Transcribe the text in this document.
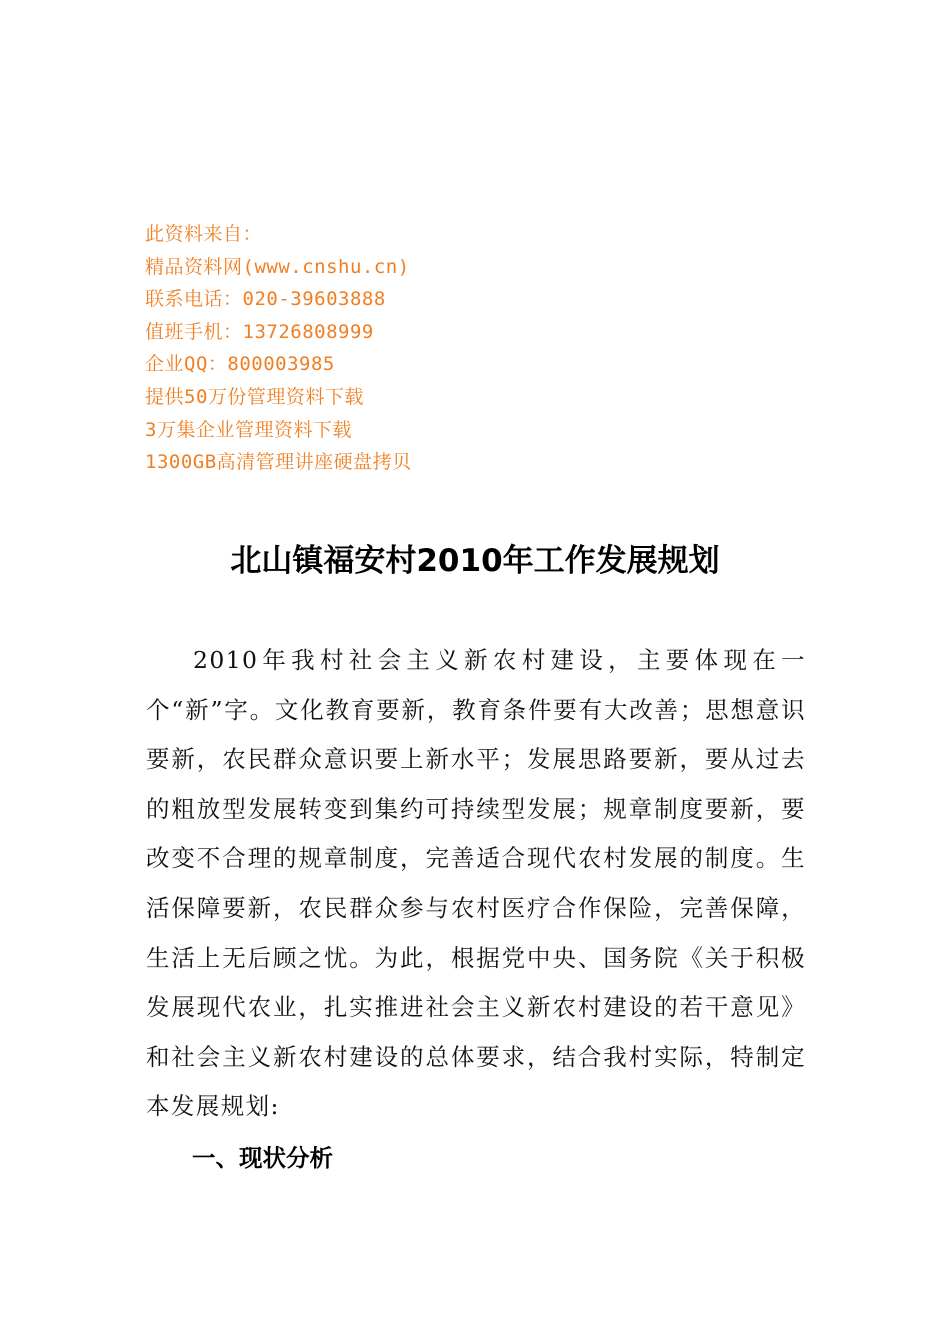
此资料来自：
精品资料网(www.cnshu.cn)
联系电话：020-39603888
值班手机：13726808999
企业QQ：800003985
提供50万份管理资料下载
3万集企业管理资料下载
1300GB高清管理讲座硬盘拷贝
北山镇福安村2010年工作发展规划

2010年我村社会主义新农村建设，主要体现在一个“新”字。文化教育要新，教育条件要有大改善；思想意识要新，农民群众意识要上新水平；发展思路要新，要从过去的粗放型发展转变到集约可持续型发展；规章制度要新，要改变不合理的规章制度，完善适合现代农村发展的制度。生活保障要新，农民群众参与农村医疗合作保险，完善保障，生活上无后顾之忧。为此，根据党中央、国务院《关于积极发展现代农业，扎实推进社会主义新农村建设的若干意见》和社会主义新农村建设的总体要求，结合我村实际，特制定本发展规划:

一、现状分析
